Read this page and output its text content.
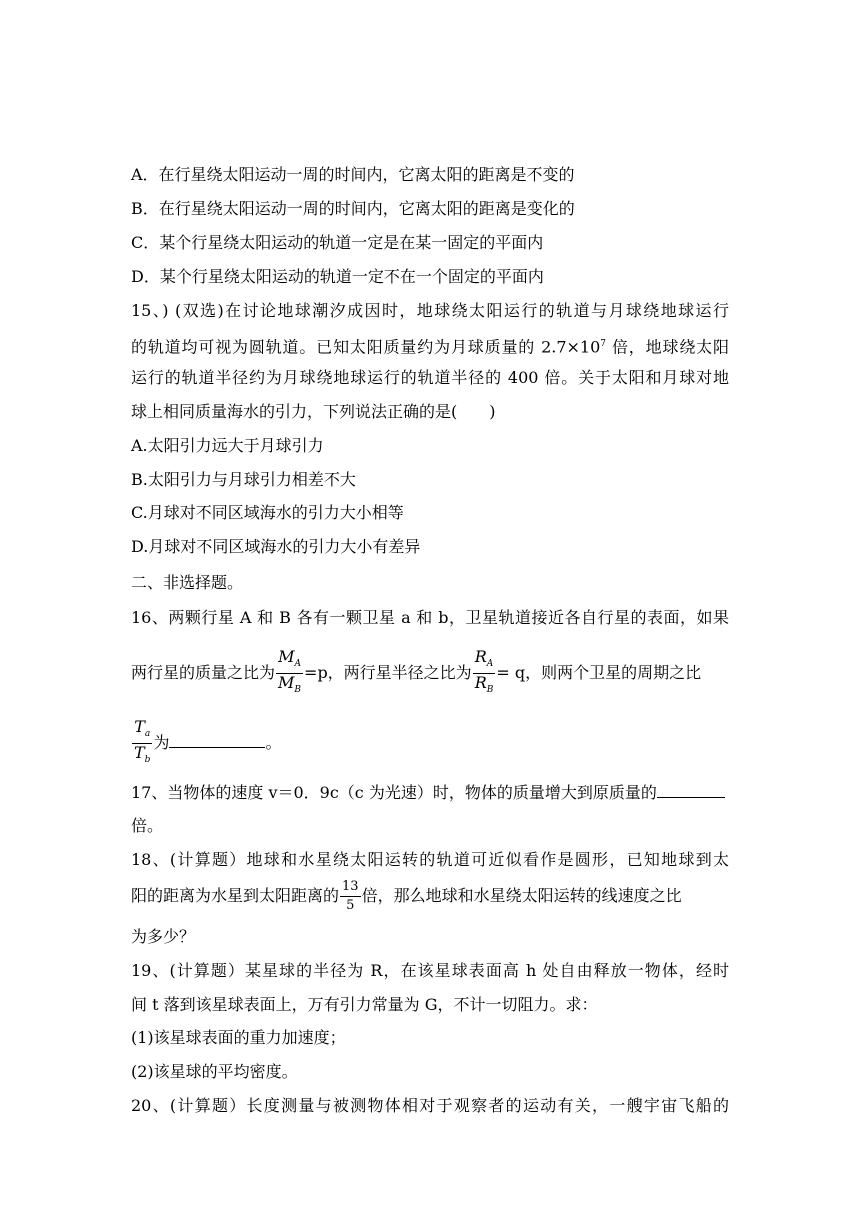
A．在行星绕太阳运动一周的时间内，它离太阳的距离是不变的
B．在行星绕太阳运动一周的时间内，它离太阳的距离是变化的
C．某个行星绕太阳运动的轨道一定是在某一固定的平面内
D．某个行星绕太阳运动的轨道一定不在一个固定的平面内
15、) (双选)在讨论地球潮汐成因时，地球绕太阳运行的轨道与月球绕地球运行
的轨道均可视为圆轨道。已知太阳质量约为月球质量的 $2.7\times 10^7$ 倍，地球绕太阳
运行的轨道半径约为月球绕地球运行的轨道半径的 400 倍。关于太阳和月球对地
球上相同质量海水的引力，下列说法正确的是(　　)
A.太阳引力远大于月球引力
B.太阳引力与月球引力相差不大
C.月球对不同区域海水的引力大小相等
D.月球对不同区域海水的引力大小有差异
二、非选择题。
16、两颗行星 A 和 B 各有一颗卫星 a 和 b，卫星轨道接近各自行星的表面，如果
两行星的质量之比为 $\frac{M_A}{M_B} =p$，两行星半径之比为 $\frac{R_A}{R_B} = q$，则两个卫星的周期之比
$\frac{T_a}{T_b}$ 为	。
17、当物体的速度 v＝0．9c（c 为光速）时，物体的质量增大到原质量的
倍。
18、(计算题）地球和水星绕太阳运转的轨道可近似看作是圆形，已知地球到太
阳的距离为水星到太阳距离的 $\frac{13}{5}$ 倍，那么地球和水星绕太阳运转的线速度之比
为多少？
19、(计算题）某星球的半径为 R，在该星球表面高 h 处自由释放一物体，经时
间 t 落到该星球表面上，万有引力常量为 G，不计一切阻力。求：
(1)该星球表面的重力加速度；
(2)该星球的平均密度。
20、(计算题）长度测量与被测物体相对于观察者的运动有关，一艘宇宙飞船的
